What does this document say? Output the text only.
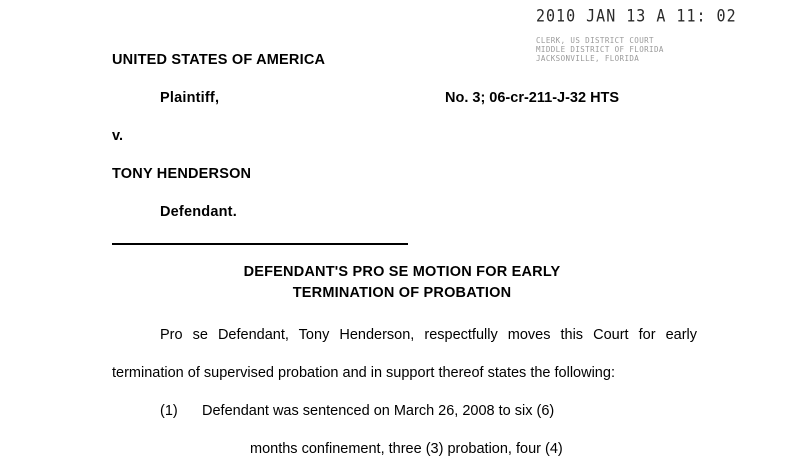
2010 JAN 13 A 11: 02
CLERK, US DISTRICT COURT
MIDDLE DISTRICT OF FLORIDA
JACKSONVILLE, FLORIDA
UNITED STATES OF AMERICA
Plaintiff,	No. 3; 06-cr-211-J-32 HTS
v.
TONY HENDERSON
Defendant.
DEFENDANT'S PRO SE MOTION FOR EARLY
TERMINATION OF PROBATION
Pro se Defendant, Tony Henderson, respectfully moves this Court for early termination of supervised probation and in support thereof states the following:
(1)	Defendant was sentenced on March 26, 2008 to six (6)
months confinement, three (3) probation, four (4)
